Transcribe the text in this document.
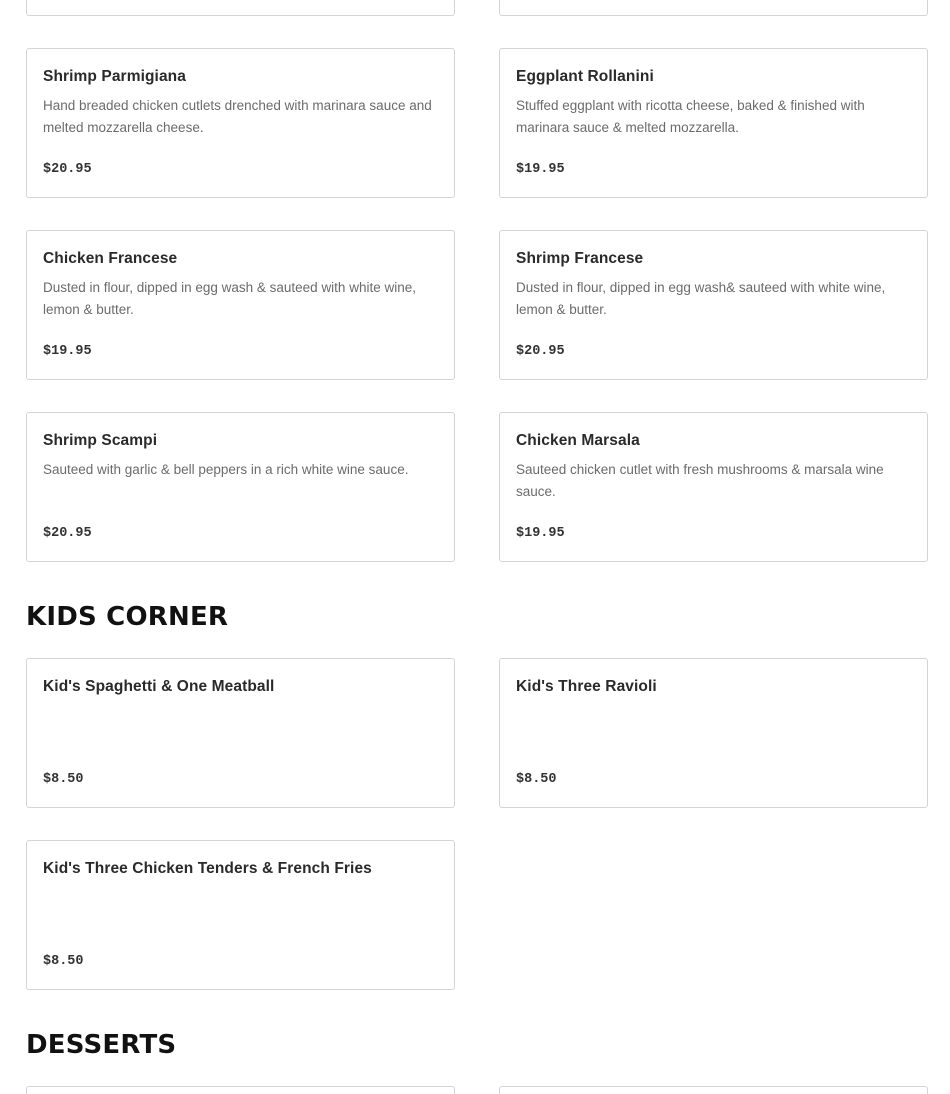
Shrimp Parmigiana
Hand breaded chicken cutlets drenched with marinara sauce and melted mozzarella cheese.
$20.95
Eggplant Rollanini
Stuffed eggplant with ricotta cheese, baked & finished with marinara sauce & melted mozzarella.
$19.95
Chicken Francese
Dusted in flour, dipped in egg wash & sauteed with white wine, lemon & butter.
$19.95
Shrimp Francese
Dusted in flour, dipped in egg wash& sauteed with white wine, lemon & butter.
$20.95
Shrimp Scampi
Sauteed with garlic & bell peppers in a rich white wine sauce.
$20.95
Chicken Marsala
Sauteed chicken cutlet with fresh mushrooms & marsala wine sauce.
$19.95
KIDS CORNER
Kid's Spaghetti & One Meatball
$8.50
Kid's Three Ravioli
$8.50
Kid's Three Chicken Tenders & French Fries
$8.50
DESSERTS
